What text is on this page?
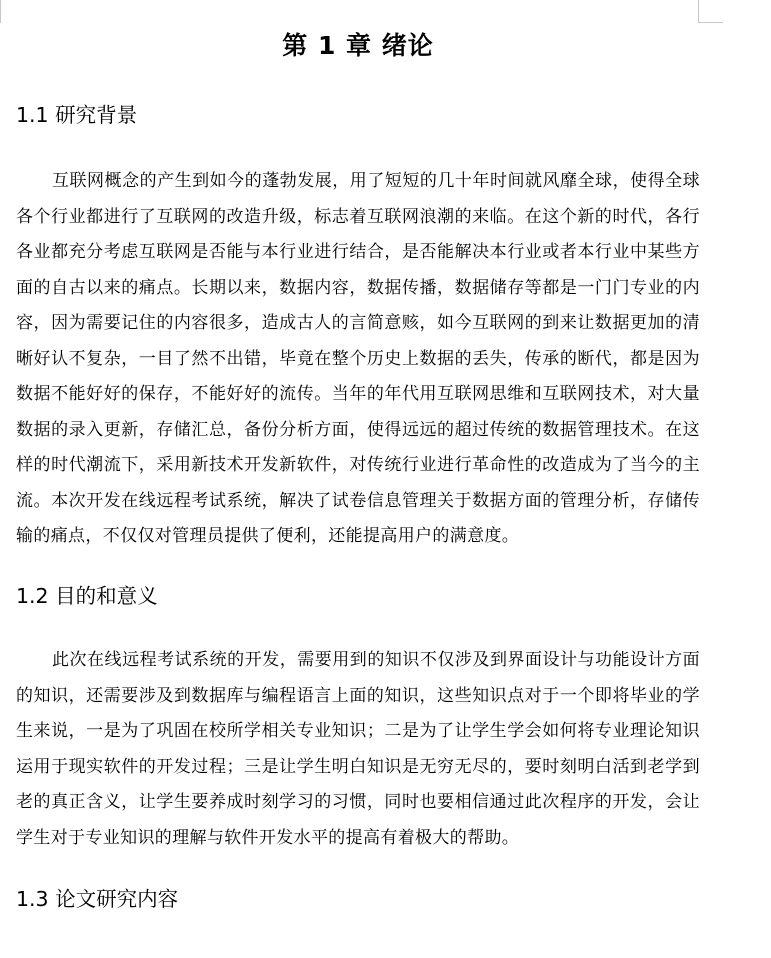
第 1 章 绪论
1.1 研究背景
互联网概念的产生到如今的蓬勃发展，用了短短的几十年时间就风靡全球，使得全球各个行业都进行了互联网的改造升级，标志着互联网浪潮的来临。在这个新的时代，各行各业都充分考虑互联网是否能与本行业进行结合，是否能解决本行业或者本行业中某些方面的自古以来的痛点。长期以来，数据内容，数据传播，数据储存等都是一门门专业的内容，因为需要记住的内容很多，造成古人的言简意赅，如今互联网的到来让数据更加的清晰好认不复杂，一目了然不出错，毕竟在整个历史上数据的丢失，传承的断代，都是因为数据不能好好的保存，不能好好的流传。当年的年代用互联网思维和互联网技术，对大量数据的录入更新，存储汇总，备份分析方面，使得远远的超过传统的数据管理技术。在这样的时代潮流下，采用新技术开发新软件，对传统行业进行革命性的改造成为了当今的主流。本次开发在线远程考试系统，解决了试卷信息管理关于数据方面的管理分析，存储传输的痛点，不仅仅对管理员提供了便利，还能提高用户的满意度。
1.2 目的和意义
此次在线远程考试系统的开发，需要用到的知识不仅涉及到界面设计与功能设计方面的知识，还需要涉及到数据库与编程语言上面的知识，这些知识点对于一个即将毕业的学生来说，一是为了巩固在校所学相关专业知识；二是为了让学生学会如何将专业理论知识运用于现实软件的开发过程；三是让学生明白知识是无穷无尽的，要时刻明白活到老学到老的真正含义，让学生要养成时刻学习的习惯，同时也要相信通过此次程序的开发，会让学生对于专业知识的理解与软件开发水平的提高有着极大的帮助。
1.3 论文研究内容
